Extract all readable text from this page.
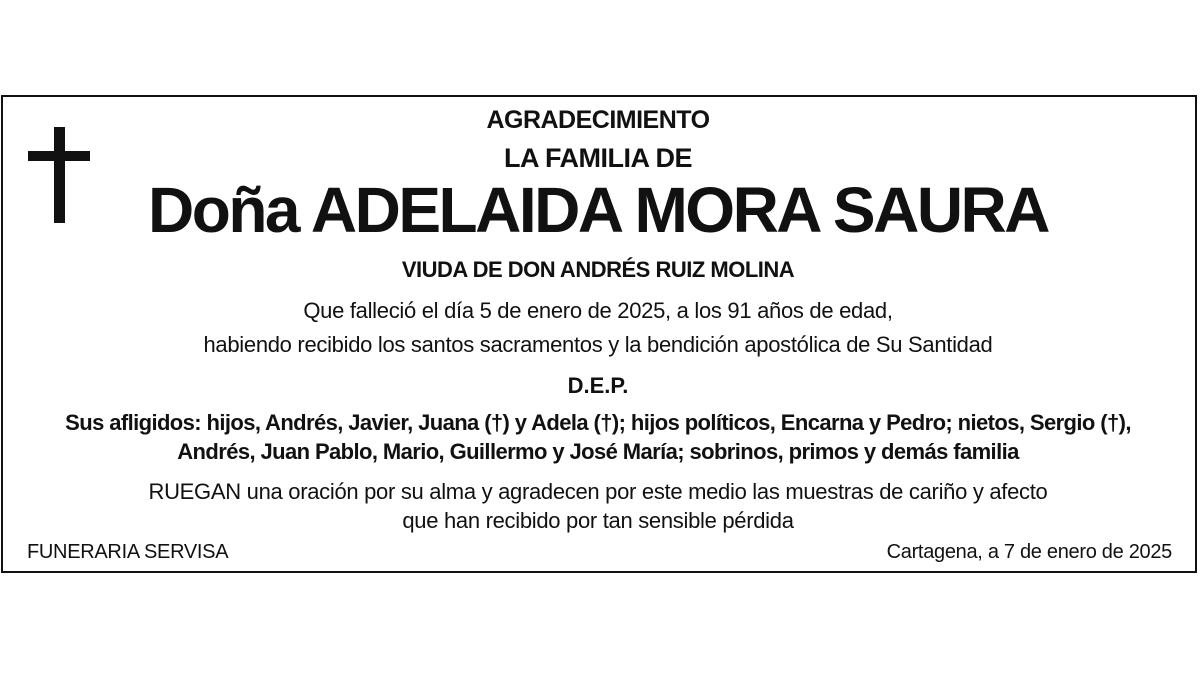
AGRADECIMIENTO
LA FAMILIA DE
Doña ADELAIDA MORA SAURA
VIUDA DE DON ANDRÉS RUIZ MOLINA
Que falleció el día 5 de enero de 2025, a los 91 años de edad,
habiendo recibido los santos sacramentos y la bendición apostólica de Su Santidad
D.E.P.
Sus afligidos: hijos, Andrés, Javier, Juana (†) y Adela (†); hijos políticos, Encarna y Pedro; nietos, Sergio (†),
Andrés, Juan Pablo, Mario, Guillermo y José María; sobrinos, primos y demás familia
RUEGAN una oración por su alma y agradecen por este medio las muestras de cariño y afecto
que han recibido por tan sensible pérdida
FUNERARIA SERVISA	Cartagena, a 7 de enero de 2025
